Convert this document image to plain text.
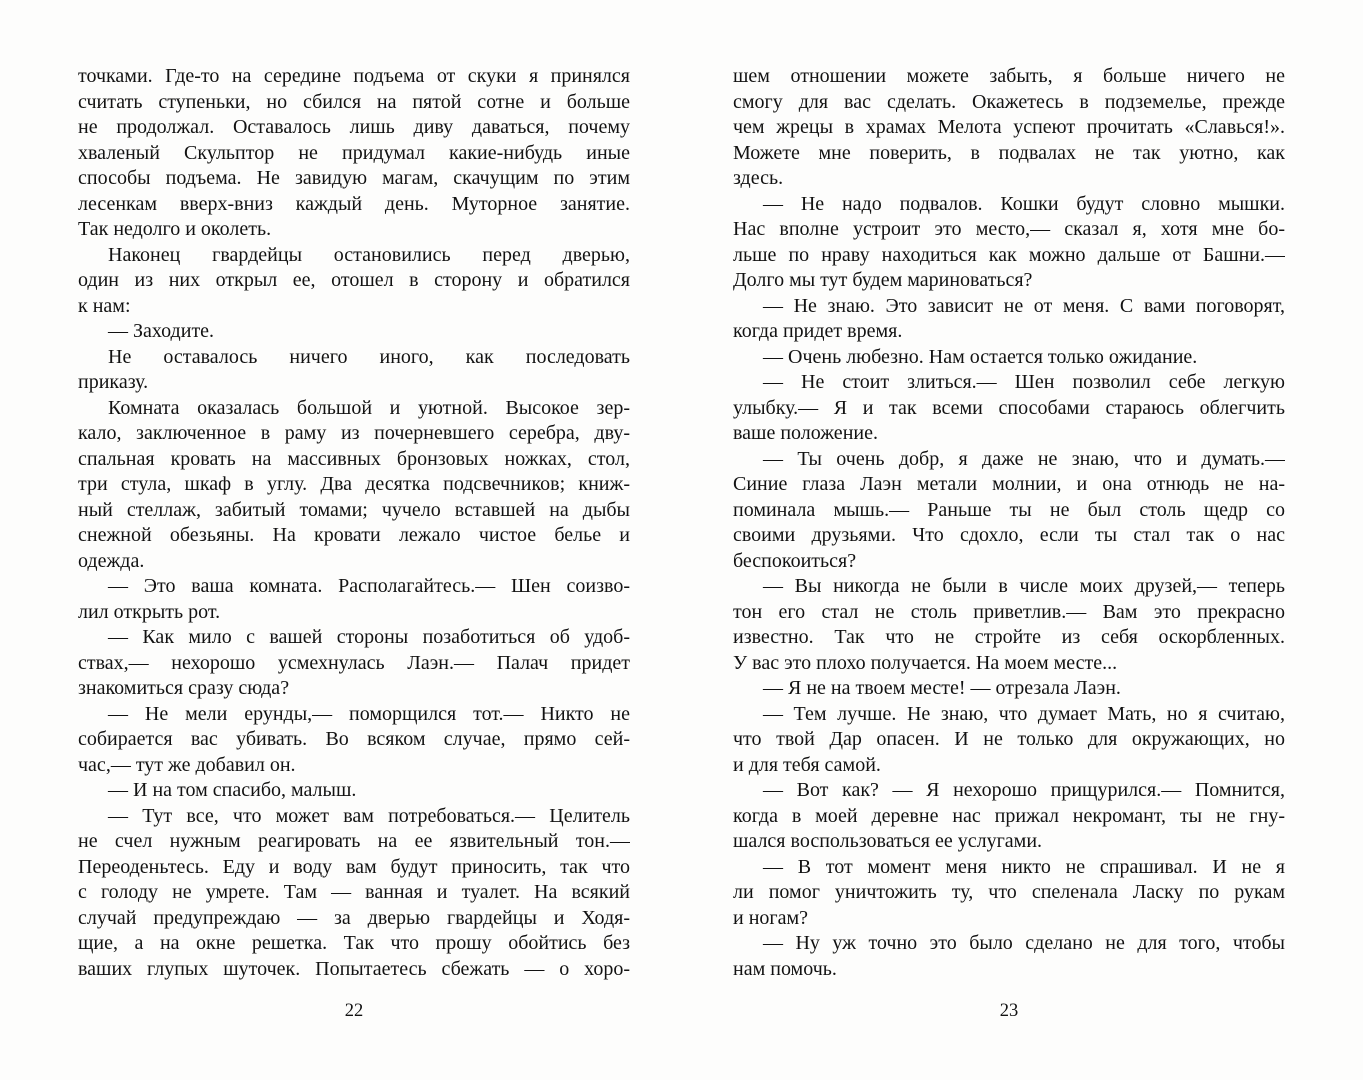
точками. Где-то на середине подъема от скуки я принялся
считать ступеньки, но сбился на пятой сотне и больше
не продолжал. Оставалось лишь диву даваться, почему
хваленый Скульптор не придумал какие-нибудь иные
способы подъема. Не завидую магам, скачущим по этим
лесенкам вверх-вниз каждый день. Муторное занятие.
Так недолго и околеть.
Наконец гвардейцы остановились перед дверью,
один из них открыл ее, отошел в сторону и обратился
к нам:
— Заходите.
Не оставалось ничего иного, как последовать
приказу.
Комната оказалась большой и уютной. Высокое зер-
кало, заключенное в раму из почерневшего серебра, дву-
спальная кровать на массивных бронзовых ножках, стол,
три стула, шкаф в углу. Два десятка подсвечников; книж-
ный стеллаж, забитый томами; чучело вставшей на дыбы
снежной обезьяны. На кровати лежало чистое белье и
одежда.
— Это ваша комната. Располагайтесь.— Шен соизво-
лил открыть рот.
— Как мило с вашей стороны позаботиться об удоб-
ствах,— нехорошо усмехнулась Лаэн.— Палач придет
знакомиться сразу сюда?
— Не мели ерунды,— поморщился тот.— Никто не
собирается вас убивать. Во всяком случае, прямо сей-
час,— тут же добавил он.
— И на том спасибо, малыш.
— Тут все, что может вам потребоваться.— Целитель
не счел нужным реагировать на ее язвительный тон.—
Переоденьтесь. Еду и воду вам будут приносить, так что
с голоду не умрете. Там — ванная и туалет. На всякий
случай предупреждаю — за дверью гвардейцы и Ходя-
щие, а на окне решетка. Так что прошу обойтись без
ваших глупых шуточек. Попытаетесь сбежать — о хоро-
22
шем отношении можете забыть, я больше ничего не
смогу для вас сделать. Окажетесь в подземелье, прежде
чем жрецы в храмах Мелота успеют прочитать «Славься!».
Можете мне поверить, в подвалах не так уютно, как
здесь.
— Не надо подвалов. Кошки будут словно мышки.
Нас вполне устроит это место,— сказал я, хотя мне бо-
льше по нраву находиться как можно дальше от Башни.—
Долго мы тут будем мариноваться?
— Не знаю. Это зависит не от меня. С вами поговорят,
когда придет время.
— Очень любезно. Нам остается только ожидание.
— Не стоит злиться.— Шен позволил себе легкую
улыбку.— Я и так всеми способами стараюсь облегчить
ваше положение.
— Ты очень добр, я даже не знаю, что и думать.—
Синие глаза Лаэн метали молнии, и она отнюдь не на-
поминала мышь.— Раньше ты не был столь щедр со
своими друзьями. Что сдохло, если ты стал так о нас
беспокоиться?
— Вы никогда не были в числе моих друзей,— теперь
тон его стал не столь приветлив.— Вам это прекрасно
известно. Так что не стройте из себя оскорбленных.
У вас это плохо получается. На моем месте...
— Я не на твоем месте! — отрезала Лаэн.
— Тем лучше. Не знаю, что думает Мать, но я считаю,
что твой Дар опасен. И не только для окружающих, но
и для тебя самой.
— Вот как? — Я нехорошо прищурился.— Помнится,
когда в моей деревне нас прижал некромант, ты не гну-
шался воспользоваться ее услугами.
— В тот момент меня никто не спрашивал. И не я
ли помог уничтожить ту, что спеленала Ласку по рукам
и ногам?
— Ну уж точно это было сделано не для того, чтобы
нам помочь.
23
